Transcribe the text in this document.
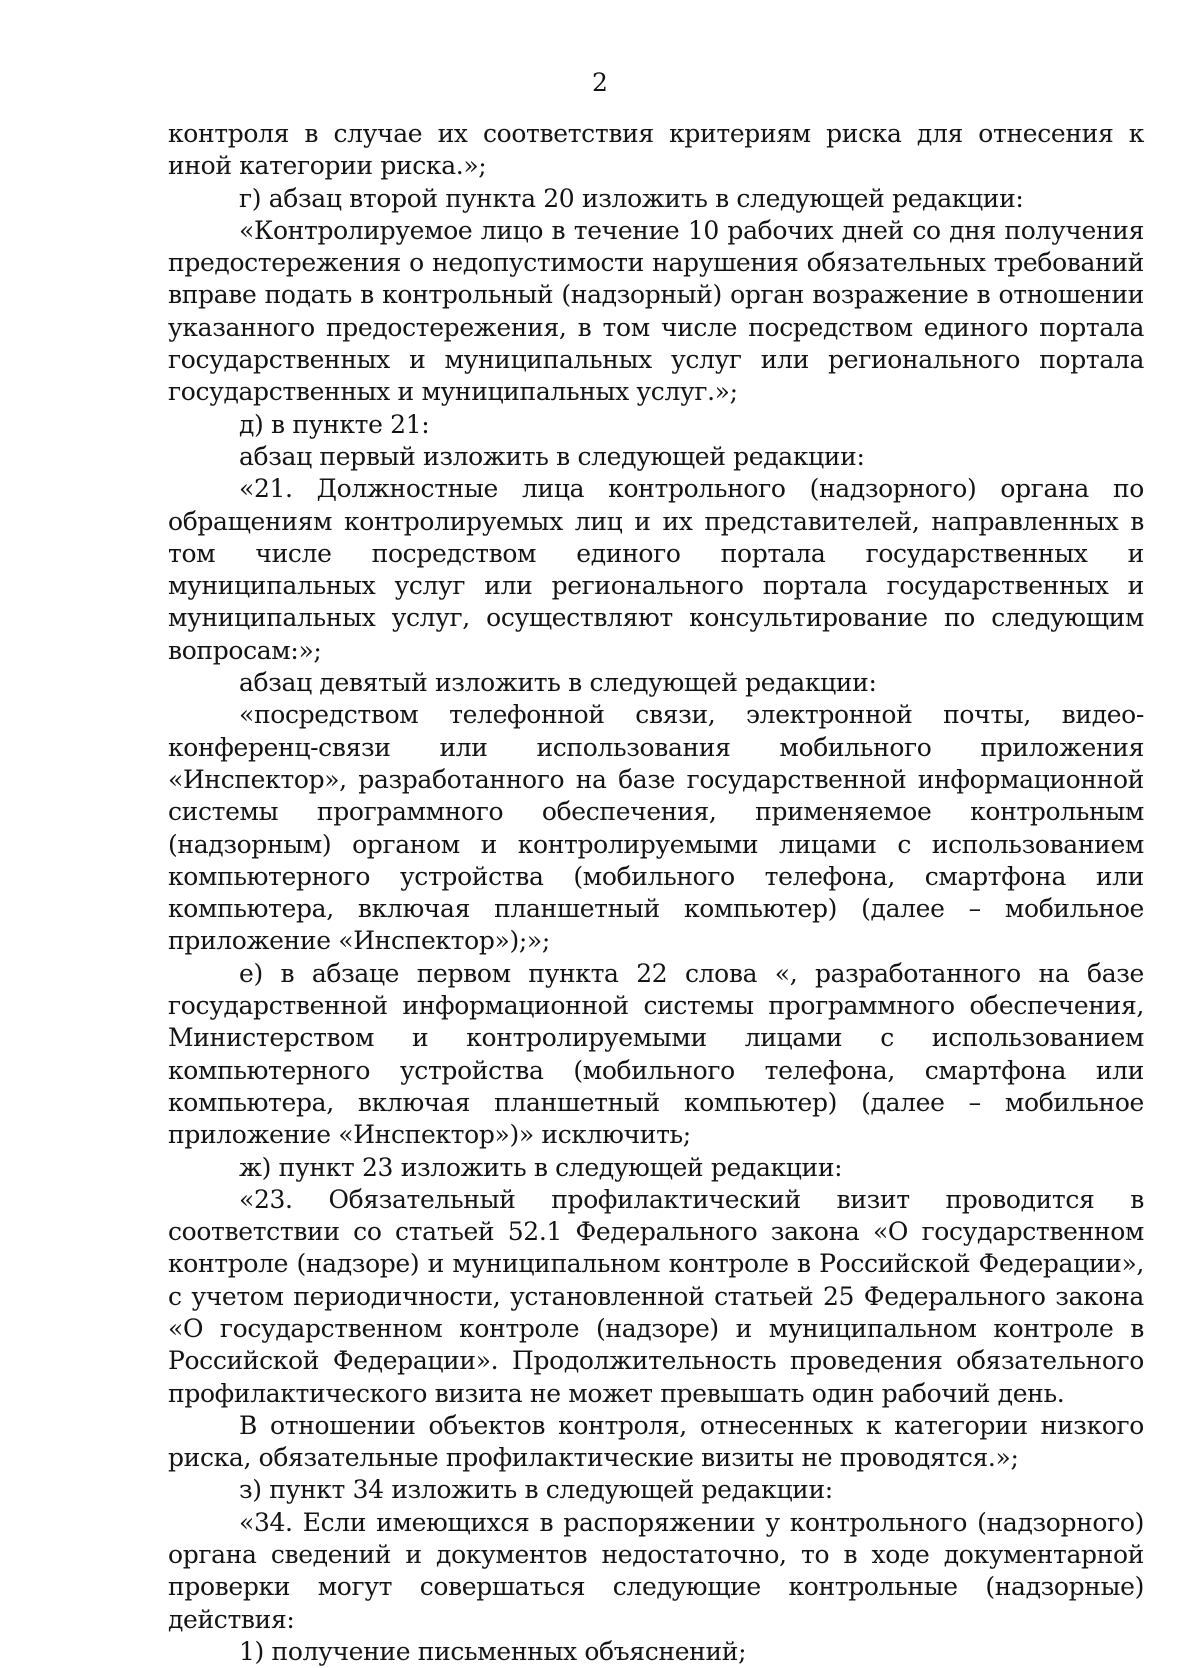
2

контроля в случае их соответствия критериям риска для отнесения к иной категории риска.»;

г) абзац второй пункта 20 изложить в следующей редакции:

«Контролируемое лицо в течение 10 рабочих дней со дня получения предостережения о недопустимости нарушения обязательных требований вправе подать в контрольный (надзорный) орган возражение в отношении указанного предостережения, в том числе посредством единого портала государственных и муниципальных услуг или регионального портала государственных и муниципальных услуг.»;

д) в пункте 21:

абзац первый изложить в следующей редакции:

«21. Должностные лица контрольного (надзорного) органа по обращениям контролируемых лиц и их представителей, направленных в том числе посредством единого портала государственных и муниципальных услуг или регионального портала государственных и муниципальных услуг, осуществляют консультирование по следующим вопросам:»;

абзац девятый изложить в следующей редакции:

«посредством телефонной связи, электронной почты, видео-конференц-связи или использования мобильного приложения «Инспектор», разработанного на базе государственной информационной системы программного обеспечения, применяемое контрольным (надзорным) органом и контролируемыми лицами с использованием компьютерного устройства (мобильного телефона, смартфона или компьютера, включая планшетный компьютер) (далее – мобильное приложение «Инспектор»);»;

е) в абзаце первом пункта 22 слова «, разработанного на базе государственной информационной системы программного обеспечения, Министерством и контролируемыми лицами с использованием компьютерного устройства (мобильного телефона, смартфона или компьютера, включая планшетный компьютер) (далее – мобильное приложение «Инспектор»)» исключить;

ж) пункт 23 изложить в следующей редакции:

«23. Обязательный профилактический визит проводится в соответствии со статьей 52.1 Федерального закона «О государственном контроле (надзоре) и муниципальном контроле в Российской Федерации», с учетом периодичности, установленной статьей 25 Федерального закона «О государственном контроле (надзоре) и муниципальном контроле в Российской Федерации». Продолжительность проведения обязательного профилактического визита не может превышать один рабочий день.

В отношении объектов контроля, отнесенных к категории низкого риска, обязательные профилактические визиты не проводятся.»;

з) пункт 34 изложить в следующей редакции:

«34. Если имеющихся в распоряжении у контрольного (надзорного) органа сведений и документов недостаточно, то в ходе документарной проверки могут совершаться следующие контрольные (надзорные) действия:

1) получение письменных объяснений;
